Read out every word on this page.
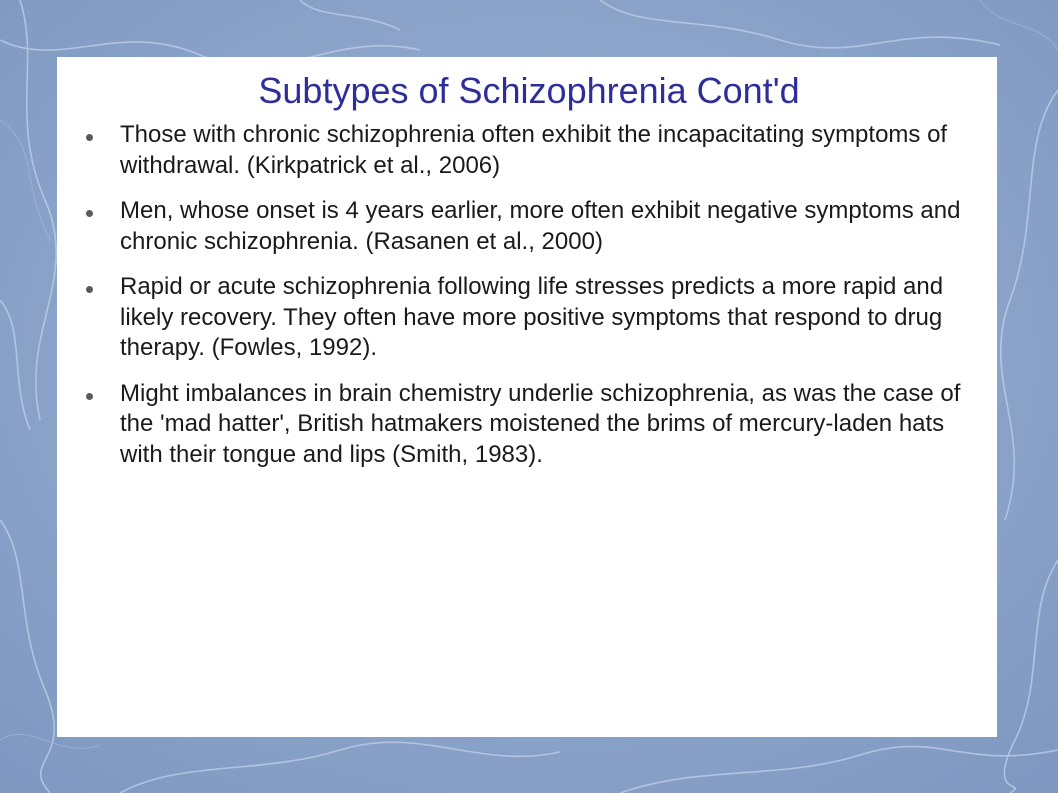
Subtypes of Schizophrenia Cont'd
Those with chronic schizophrenia often exhibit the incapacitating symptoms of withdrawal. (Kirkpatrick et al., 2006)
Men, whose onset is 4 years earlier, more often exhibit negative symptoms and chronic schizophrenia. (Rasanen et al., 2000)
Rapid or acute schizophrenia following life stresses predicts a more rapid and likely recovery. They often have more positive symptoms that respond to drug therapy. (Fowles, 1992).
Might imbalances in brain chemistry underlie schizophrenia, as was the case of the 'mad hatter', British hatmakers moistened the brims of mercury-laden hats with their tongue and lips (Smith, 1983).
